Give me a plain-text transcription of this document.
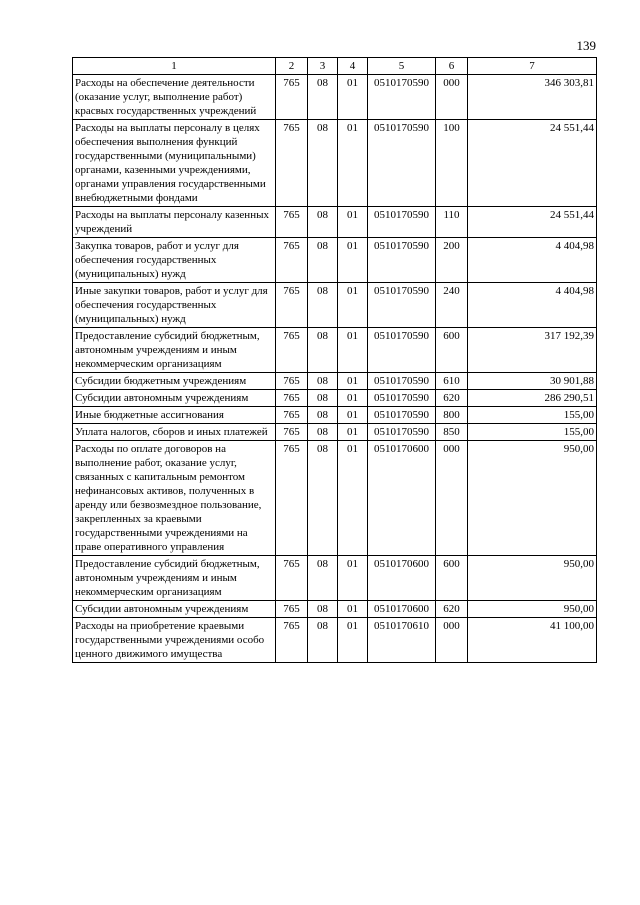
139
1	2	3	4	5	6	7
Расходы на обеспечение деятельности (оказание услуг, выполнение работ) красвых государственных учреждений	765	08	01	0510170590	000	346 303,81
Расходы на выплаты персоналу в целях обеспечения выполнения функций государственными (муниципальными) органами, казенными учреждениями, органами управления государственными внебюджетными фондами	765	08	01	0510170590	100	24 551,44
Расходы на выплаты персоналу казенных учреждений	765	08	01	0510170590	110	24 551,44
Закупка товаров, работ и услуг для обеспечения государственных (муниципальных) нужд	765	08	01	0510170590	200	4 404,98
Иные закупки товаров, работ и услуг для обеспечения государственных (муниципальных) нужд	765	08	01	0510170590	240	4 404,98
Предоставление субсидий бюджетным, автономным учреждениям и иным некоммерческим организациям	765	08	01	0510170590	600	317 192,39
Субсидии бюджетным учреждениям	765	08	01	0510170590	610	30 901,88
Субсидии автономным учреждениям	765	08	01	0510170590	620	286 290,51
Иные бюджетные ассигнования	765	08	01	0510170590	800	155,00
Уплата налогов, сборов и иных платежей	765	08	01	0510170590	850	155,00
Расходы по оплате договоров на выполнение работ, оказание услуг, связанных с капитальным ремонтом нефинансовых активов, полученных в аренду или безвозмездное пользование, закрепленных за краевыми государственными учреждениями на праве оперативного управления	765	08	01	0510170600	000	950,00
Предоставление субсидий бюджетным, автономным учреждениям и иным некоммерческим организациям	765	08	01	0510170600	600	950,00
Субсидии автономным учреждениям	765	08	01	0510170600	620	950,00
Расходы на приобретение краевыми государственными учреждениями особо ценного движимого имущества	765	08	01	0510170610	000	41 100,00
